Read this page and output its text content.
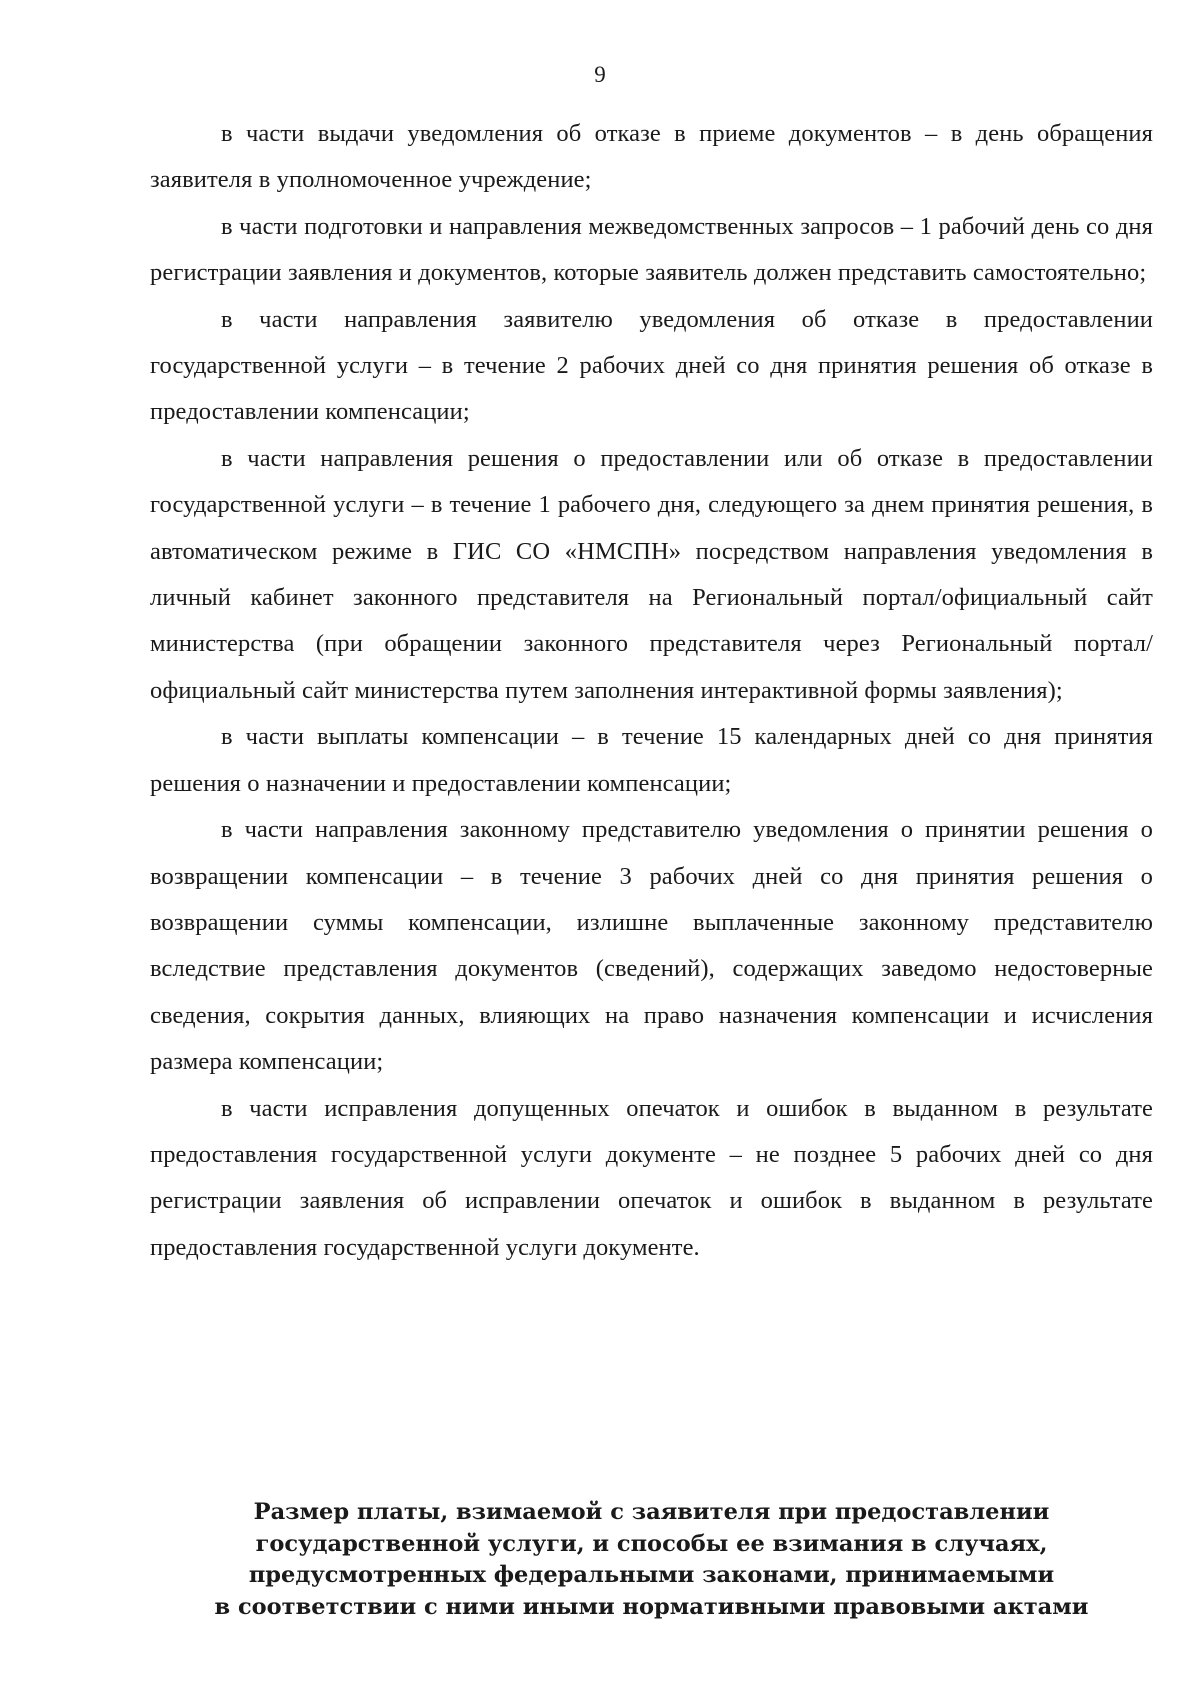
9

в части выдачи уведомления об отказе в приеме документов – в день обращения заявителя в уполномоченное учреждение;

в части подготовки и направления межведомственных запросов – 1 рабочий день со дня регистрации заявления и документов, которые заявитель должен представить самостоятельно;

в части направления заявителю уведомления об отказе в предоставлении государственной услуги – в течение 2 рабочих дней со дня принятия решения об отказе в предоставлении компенсации;

в части направления решения о предоставлении или об отказе в предоставлении государственной услуги – в течение 1 рабочего дня, следующего за днем принятия решения, в автоматическом режиме в ГИС СО «НМСПН» посредством направления уведомления в личный кабинет законного представителя на Региональный портал/официальный сайт министерства (при обращении законного представителя через Региональный портал/официальный сайт министерства путем заполнения интерактивной формы заявления);

в части выплаты компенсации – в течение 15 календарных дней со дня принятия решения о назначении и предоставлении компенсации;

в части направления законному представителю уведомления о принятии решения о возвращении компенсации – в течение 3 рабочих дней со дня принятия решения о возвращении суммы компенсации, излишне выплаченные законному представителю вследствие представления документов (сведений), содержащих заведомо недостоверные сведения, сокрытия данных, влияющих на право назначения компенсации и исчисления размера компенсации;

в части исправления допущенных опечаток и ошибок в выданном в результате предоставления государственной услуги документе – не позднее 5 рабочих дней со дня регистрации заявления об исправлении опечаток и ошибок в выданном в результате предоставления государственной услуги документе.

Размер платы, взимаемой с заявителя при предоставлении
государственной услуги, и способы ее взимания в случаях,
предусмотренных федеральными законами, принимаемыми
в соответствии с ними иными нормативными правовыми актами
